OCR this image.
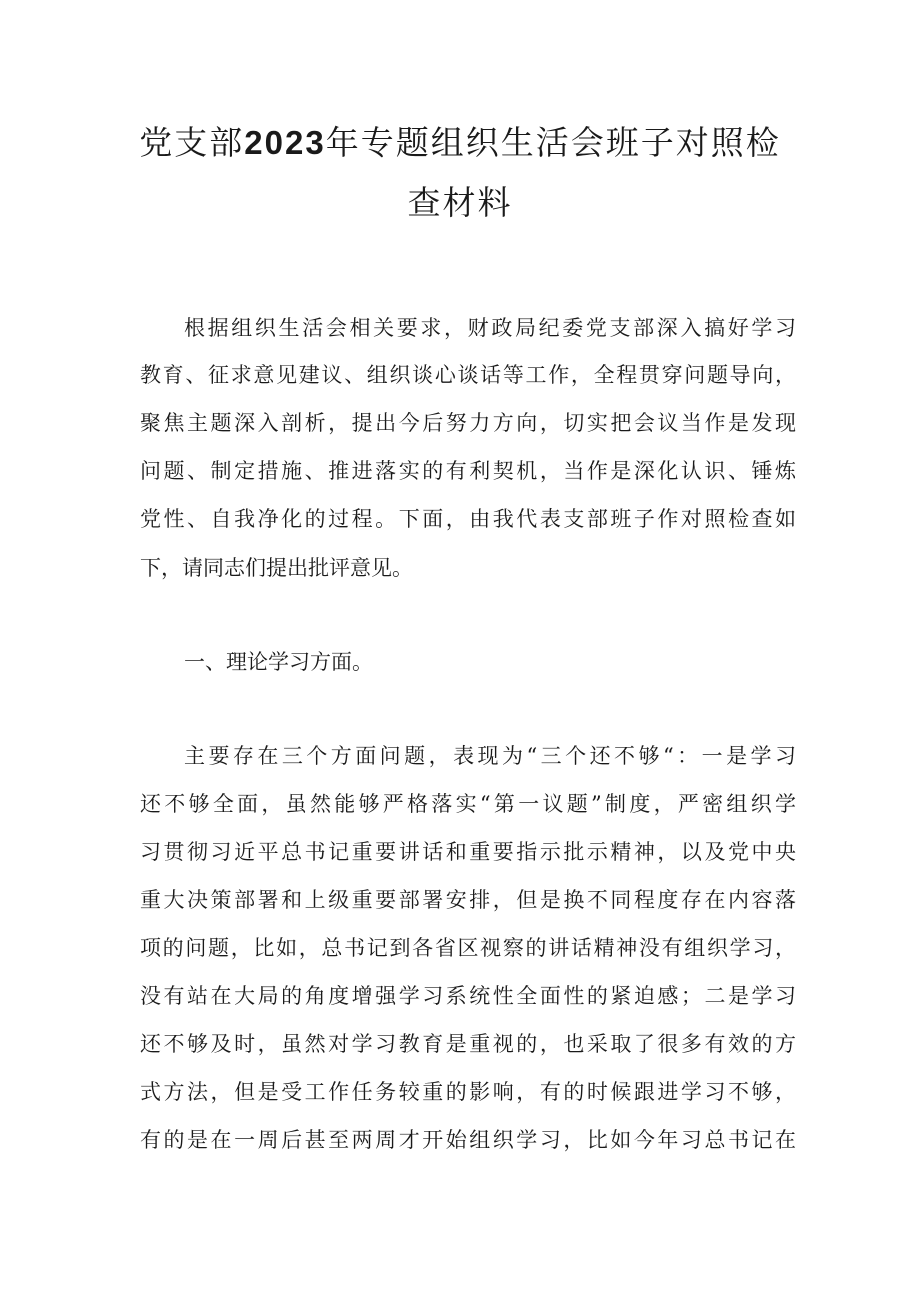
党支部2023年专题组织生活会班子对照检
查材料
根据组织生活会相关要求，财政局纪委党支部深入搞好学习
教育、征求意见建议、组织谈心谈话等工作，全程贯穿问题导向，
聚焦主题深入剖析，提出今后努力方向，切实把会议当作是发现
问题、制定措施、推进落实的有利契机，当作是深化认识、锤炼
党性、自我净化的过程。下面，由我代表支部班子作对照检查如
下，请同志们提出批评意见。
一、理论学习方面。
主要存在三个方面问题，表现为“三个还不够“：一是学习
还不够全面，虽然能够严格落实“第一议题”制度，严密组织学
习贯彻习近平总书记重要讲话和重要指示批示精神，以及党中央
重大决策部署和上级重要部署安排，但是换不同程度存在内容落
项的问题，比如，总书记到各省区视察的讲话精神没有组织学习，
没有站在大局的角度增强学习系统性全面性的紧迫感；二是学习
还不够及时，虽然对学习教育是重视的，也采取了很多有效的方
式方法，但是受工作任务较重的影响，有的时候跟进学习不够，
有的是在一周后甚至两周才开始组织学习，比如今年习总书记在
